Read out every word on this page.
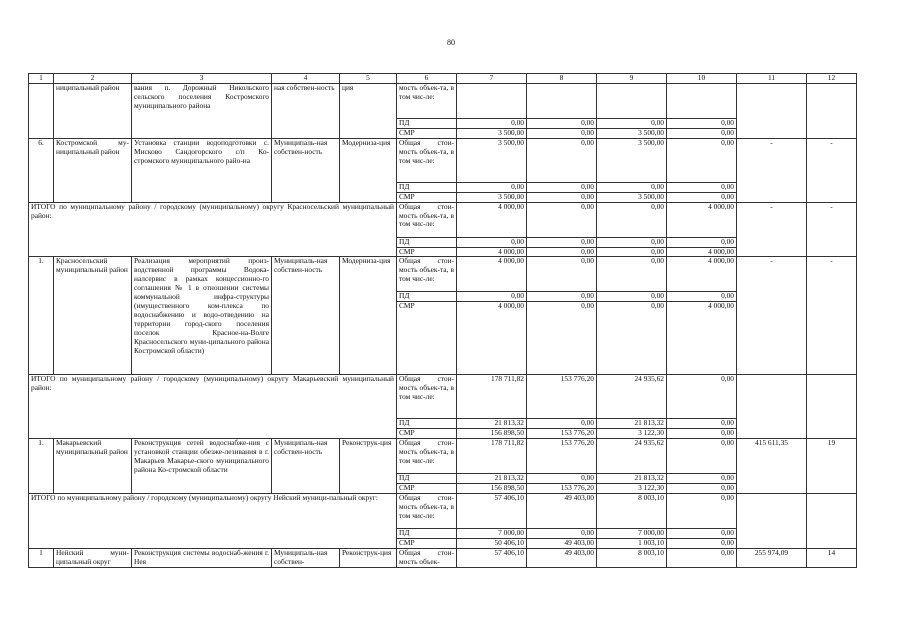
80
1	2	3	4	5	6	7	8	9	10	11	12
	ниципальный район	вания п. Дорожный Никольского сельского поселения Костромского муниципального района	ная собствен-ность	ция	мость объек-та, в том чис-ле:						
					ПД	0,00	0,00	0,00	0,00		
					СМР	3 500,00	0,00	3 500,00	0,00		
6.	Костромской му-ниципальный район	Установка станции водоподготовки с. Мисково Сандогорского с/п Ко-стромского муниципального райо-на	Муниципаль-ная собствен-ность	Модерниза-ция	Общая стои-мость объек-та, в том чис-ле:	3 500,00	0,00	3 500,00	0,00	-	-
					ПД	0,00	0,00	0,00	0,00		
					СМР	3 500,00	0,00	3 500,00	0,00		
ИТОГО по муниципальному району / городскому (муниципальному) округу Красносельский муниципальный район:					Общая стои-мость объек-та, в том чис-ле:	4 000,00	0,00	0,00	4 000,00	-	-
					ПД	0,00	0,00	0,00	0,00		
					СМР	4 000,00	0,00	0,00	4 000,00		
1.	Красносельский муниципальный район	Реализация мероприятий произ-водственной программы Водока-налсервис в рамках концессионно-го соглашения № 1 в отношении системы коммунальной инфра-структуры (имущественного ком-плекса по водоснабжению и водо-отведению на территории город-ского поселения поселок Красное-на-Волге Красносельского муни-ципального района Костромской области)	Муниципаль-ная собствен-ность	Модерниза-ция	Общая стои-мость объек-та, в том чис-ле:	4 000,00	0,00	0,00	4 000,00	-	-
					ПД	0,00	0,00	0,00	0,00		
					СМР	4 000,00	0,00	0,00	4 000,00		
ИТОГО по муниципальному району / городскому (муниципальному) округу Макарьевский муниципальный район:					Общая стои-мость объек-та, в том чис-ле:	178 711,82	153 776,20	24 935,62	0,00		
					ПД	21 813,32	0,00	21 813,32	0,00		
					СМР	156 898,50	153 776,20	3 122,30	0,00		
1.	Макарьевский муниципальный район	Реконструкция сетей водоснабже-ния с установкой станции обезже-лезивания в г. Макарьев Макарье-ского муниципального района Ко-стромской области	Муниципаль-ная собствен-ность	Реконструк-ция	Общая стои-мость объек-та, в том чис-ле:	178 711,82	153 776,20	24 935,62	0,00	415 611,35	19
					ПД	21 813,32	0,00	21 813,32	0,00		
					СМР	156 898,50	153 776,20	3 122,30	0,00		
ИТОГО по муниципальному району / городскому (муниципальному) округу Нейский муници-пальный округ:					Общая стои-мость объек-та, в том чис-ле:	57 406,10	49 403,00	8 003,10	0,00		
					ПД	7 000,00	0,00	7 000,00	0,00		
					СМР	50 406,10	49 403,00	1 003,10	0,00		
1	Нейский муни-ципальный округ	Реконструкция системы водоснаб-жения г. Нея	Муниципаль-ная собствен-	Реконструк-ция	Общая стои-мость объек-	57 406,10	49 403,00	8 003,10	0,00	255 974,09	14
